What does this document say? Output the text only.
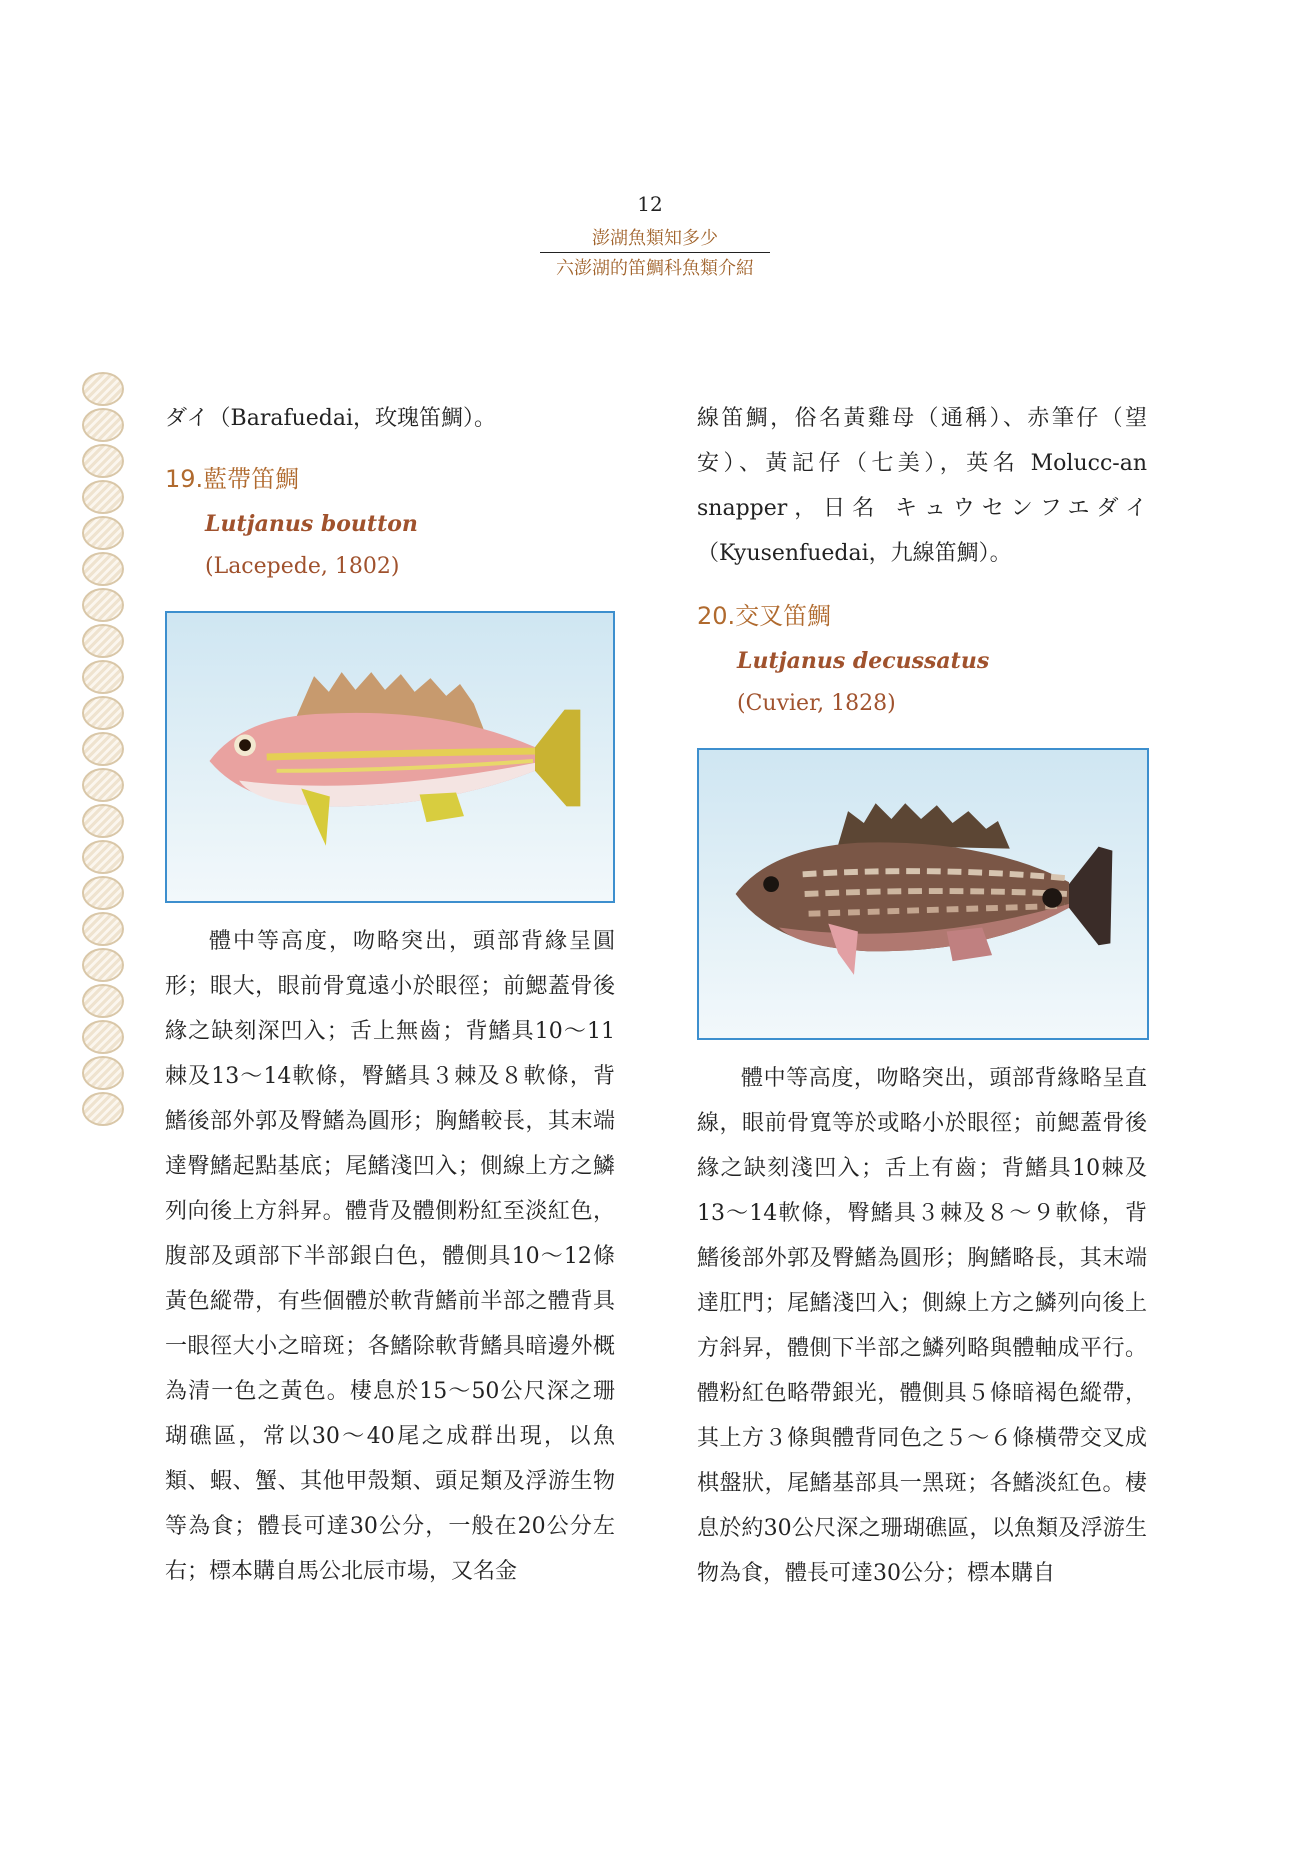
12
澎湖魚類知多少
六澎湖的笛鯛科魚類介紹

ダイ（Barafuedai，玫瑰笛鯛）。

19.藍帶笛鯛

Lutjanus boutton

(Lacepede, 1802)

體中等高度，吻略突出，頭部背緣呈圓形；眼大，眼前骨寬遠小於眼徑；前鰓蓋骨後緣之缺刻深凹入；舌上無齒；背鰭具10～11棘及13～14軟條，臀鰭具３棘及８軟條，背鰭後部外郭及臀鰭為圓形；胸鰭較長，其末端達臀鰭起點基底；尾鰭淺凹入；側線上方之鱗列向後上方斜昇。體背及體側粉紅至淡紅色，腹部及頭部下半部銀白色，體側具10～12條黃色縱帶，有些個體於軟背鰭前半部之體背具一眼徑大小之暗斑；各鰭除軟背鰭具暗邊外概為清一色之黃色。棲息於15～50公尺深之珊瑚礁區，常以30～40尾之成群出現，以魚類、蝦、蟹、其他甲殼類、頭足類及浮游生物等為食；體長可達30公分，一般在20公分左右；標本購自馬公北辰市場，又名金

線笛鯛，俗名黃雞母（通稱）、赤筆仔（望安）、黃記仔（七美），英名 Molucc-an snapper，日名 キュウセンフエダイ（Kyusenfuedai，九線笛鯛）。

20.交叉笛鯛

Lutjanus decussatus

(Cuvier, 1828)

體中等高度，吻略突出，頭部背緣略呈直線，眼前骨寬等於或略小於眼徑；前鰓蓋骨後緣之缺刻淺凹入；舌上有齒；背鰭具10棘及13～14軟條，臀鰭具３棘及８～９軟條，背鰭後部外郭及臀鰭為圓形；胸鰭略長，其末端達肛門；尾鰭淺凹入；側線上方之鱗列向後上方斜昇，體側下半部之鱗列略與體軸成平行。體粉紅色略帶銀光，體側具５條暗褐色縱帶，其上方３條與體背同色之５～６條橫帶交叉成棋盤狀，尾鰭基部具一黑斑；各鰭淡紅色。棲息於約30公尺深之珊瑚礁區，以魚類及浮游生物為食，體長可達30公分；標本購自
